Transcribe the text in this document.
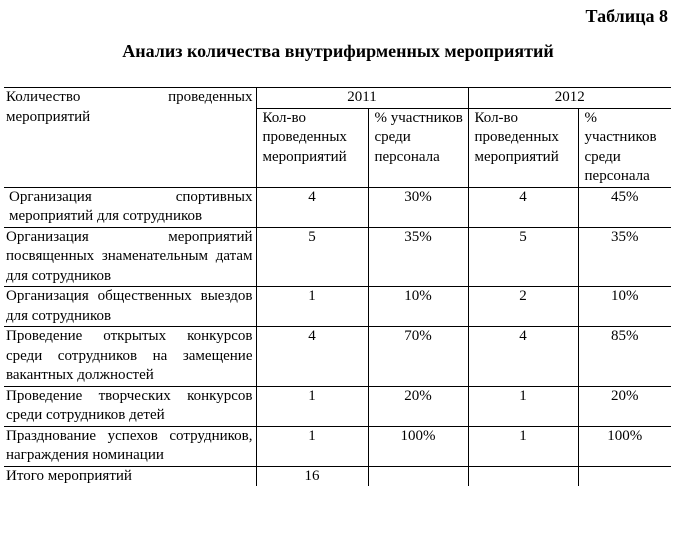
Таблица 8
Анализ количества внутрифирменных мероприятий
Количество проведенных мероприятий	2011		2012	
	Кол-во проведенных мероприятий	% участников среди персонала	Кол-во проведенных мероприятий	% участников среди персонала
Организация спортивных мероприятий для сотрудников	4	30%	4	45%
Организация мероприятий посвященных знаменательным датам для сотрудников	5	35%	5	35%
Организация общественных выездов для сотрудников	1	10%	2	10%
Проведение открытых конкурсов среди сотрудников на замещение вакантных должностей	4	70%	4	85%
Проведение творческих конкурсов среди сотрудников детей	1	20%	1	20%
Празднование успехов сотрудников, награждения номинации	1	100%	1	100%
Итого мероприятий	16			
